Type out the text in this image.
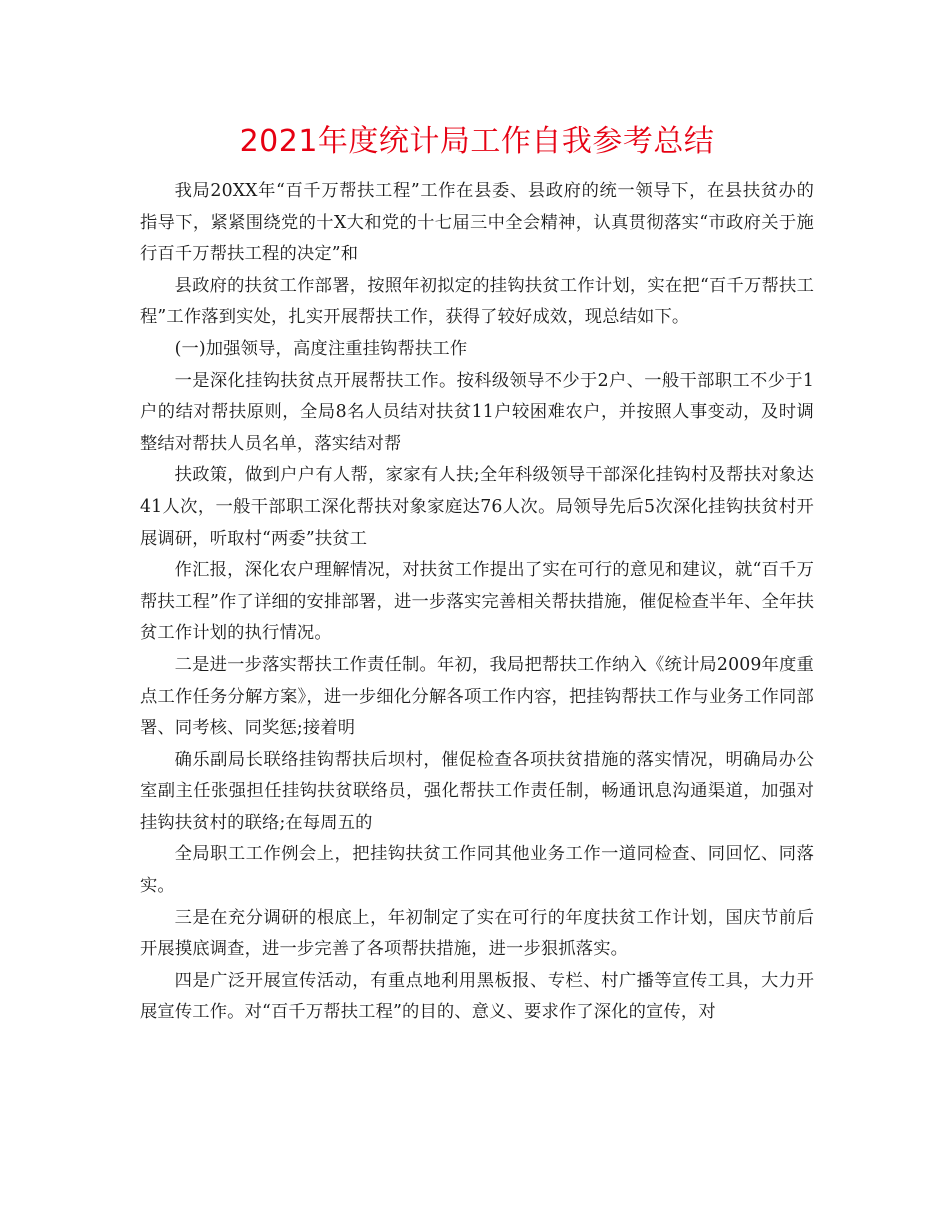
2021年度统计局工作自我参考总结

我局20XX年“百千万帮扶工程”工作在县委、县政府的统一领导下，在县扶贫办的指导下，紧紧围绕党的十X大和党的十七届三中全会精神，认真贯彻落实“市政府关于施行百千万帮扶工程的决定”和

县政府的扶贫工作部署，按照年初拟定的挂钩扶贫工作计划，实在把“百千万帮扶工程”工作落到实处，扎实开展帮扶工作，获得了较好成效，现总结如下。

(一)加强领导，高度注重挂钩帮扶工作

一是深化挂钩扶贫点开展帮扶工作。按科级领导不少于2户、一般干部职工不少于1户的结对帮扶原则，全局8名人员结对扶贫11户较困难农户，并按照人事变动，及时调整结对帮扶人员名单，落实结对帮

扶政策，做到户户有人帮，家家有人扶;全年科级领导干部深化挂钩村及帮扶对象达41人次，一般干部职工深化帮扶对象家庭达76人次。局领导先后5次深化挂钩扶贫村开展调研，听取村“两委”扶贫工

作汇报，深化农户理解情况，对扶贫工作提出了实在可行的意见和建议，就“百千万帮扶工程”作了详细的安排部署，进一步落实完善相关帮扶措施，催促检查半年、全年扶贫工作计划的执行情况。

二是进一步落实帮扶工作责任制。年初，我局把帮扶工作纳入《统计局2009年度重点工作任务分解方案》，进一步细化分解各项工作内容，把挂钩帮扶工作与业务工作同部署、同考核、同奖惩;接着明

确乐副局长联络挂钩帮扶后坝村，催促检查各项扶贫措施的落实情况，明确局办公室副主任张强担任挂钩扶贫联络员，强化帮扶工作责任制，畅通讯息沟通渠道，加强对挂钩扶贫村的联络;在每周五的

全局职工工作例会上，把挂钩扶贫工作同其他业务工作一道同检查、同回忆、同落实。

三是在充分调研的根底上，年初制定了实在可行的年度扶贫工作计划，国庆节前后开展摸底调查，进一步完善了各项帮扶措施，进一步狠抓落实。

四是广泛开展宣传活动，有重点地利用黑板报、专栏、村广播等宣传工具，大力开展宣传工作。对“百千万帮扶工程”的目的、意义、要求作了深化的宣传，对
